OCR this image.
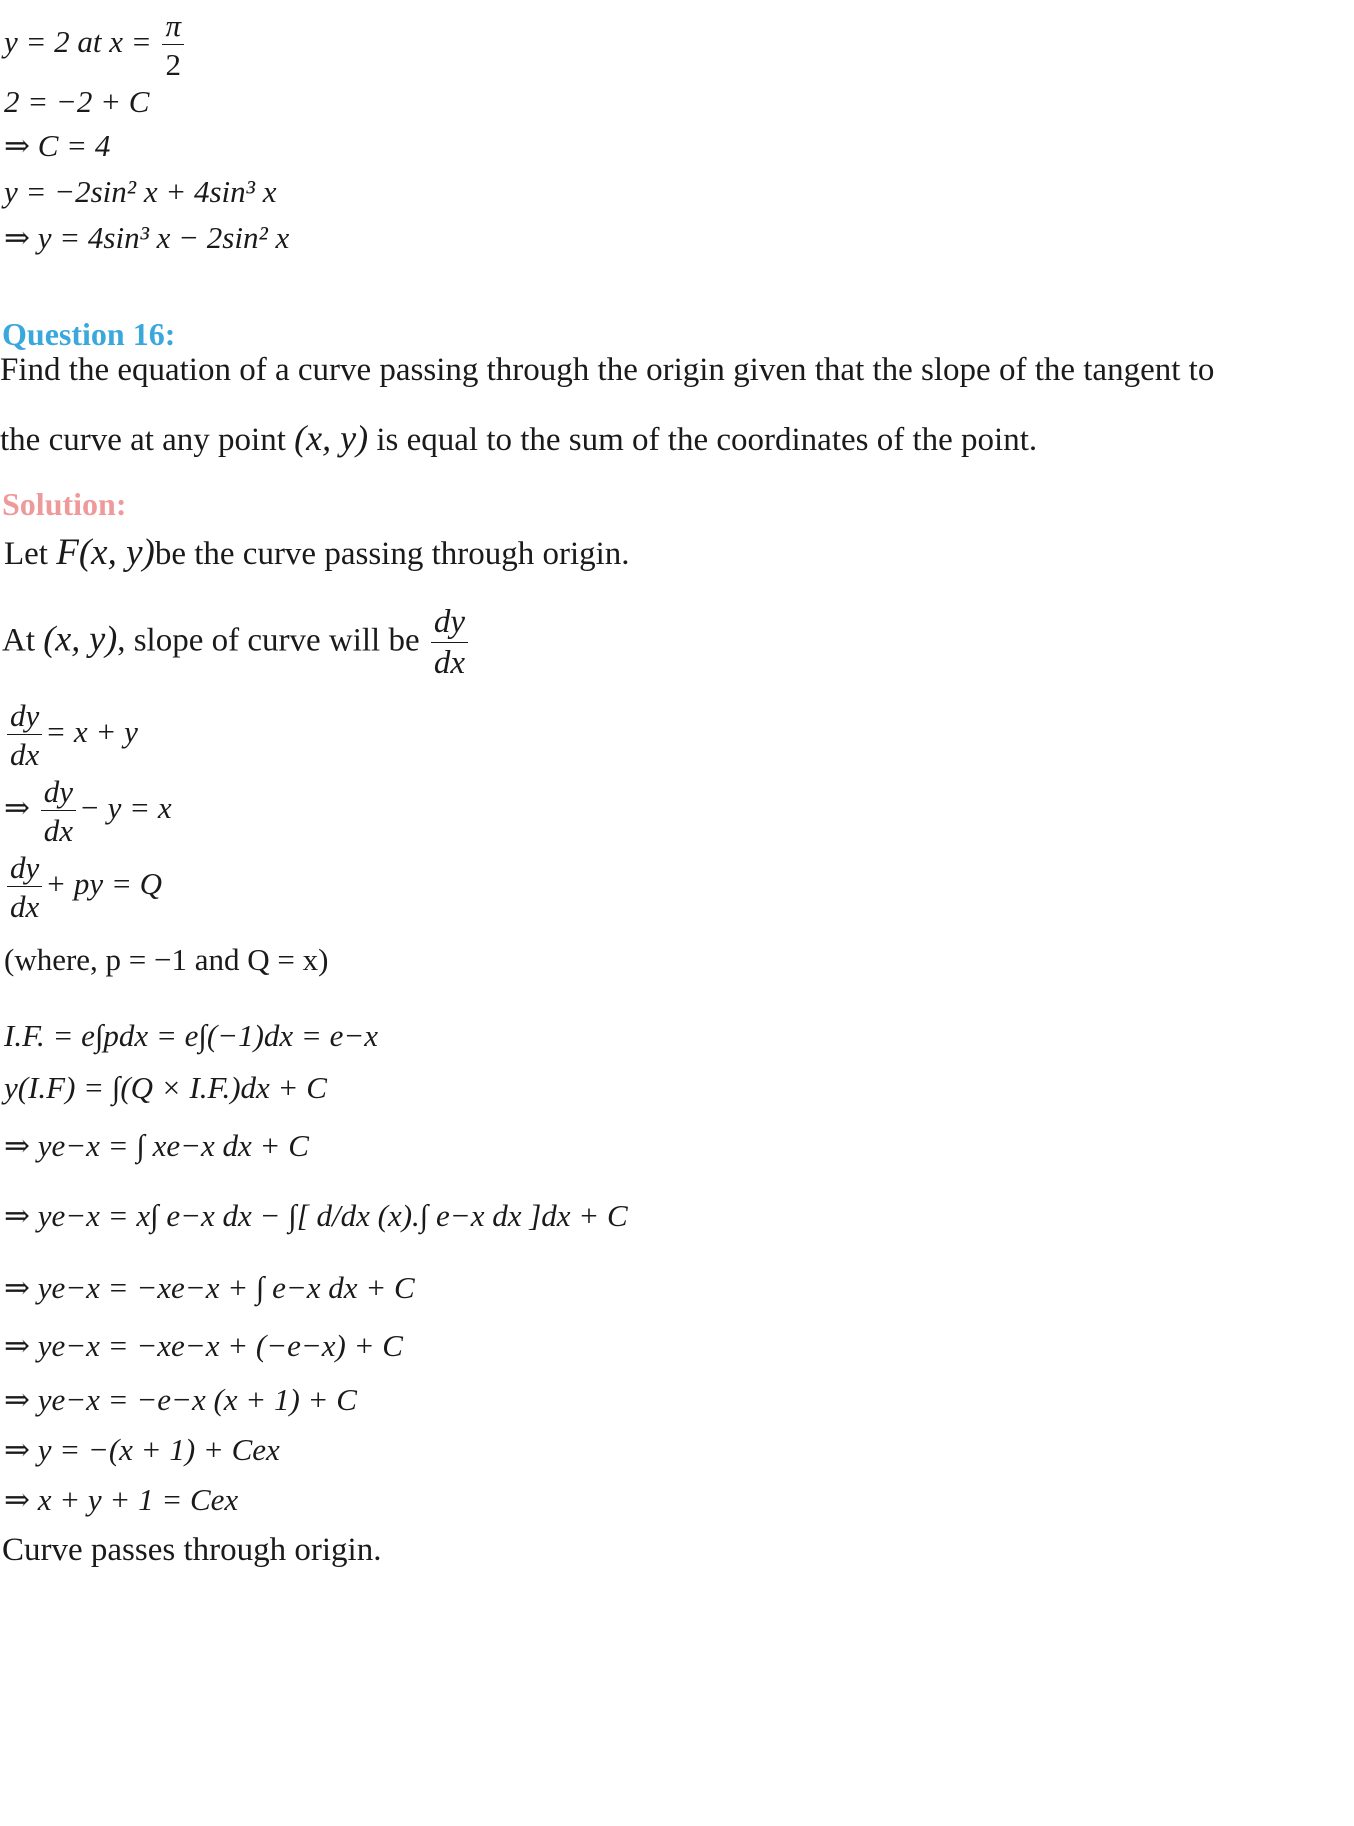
y = 2 at $x = \frac{\pi}{2}$
2 = −2 + C
⇒ C = 4
y = −2sin² x + 4sin³ x
⇒ y = 4sin³ x − 2sin² x
Question 16:
Find the equation of a curve passing through the origin given that the slope of the tangent to
the curve at any point (x, y) is equal to the sum of the coordinates of the point.
Solution:
Let F(x, y)be the curve passing through origin.
At (x, y), slope of curve will be $\frac{dy}{dx}$
$\frac{dy}{dx} = x + y$
⇒ $\frac{dy}{dx} - y = x$
$\frac{dy}{dx}$ + py = Q
(where, p = −1 and Q = x)
I.F. = e∫pdx = e∫(−1)dx = e−x
y(I.F) = ∫(Q × I.F.)dx + C
⇒ ye−x = ∫ xe−x dx + C
⇒ ye−x = x∫ e−x dx − ∫[ d/dx (x).∫ e−x dx ]dx + C
⇒ ye−x = −xe−x + ∫ e−x dx + C
⇒ ye−x = −xe−x + (−e−x) + C
⇒ ye−x = −e−x (x + 1) + C
⇒ y = −(x + 1) + Cex
⇒ x + y + 1 = Cex
Curve passes through origin.
